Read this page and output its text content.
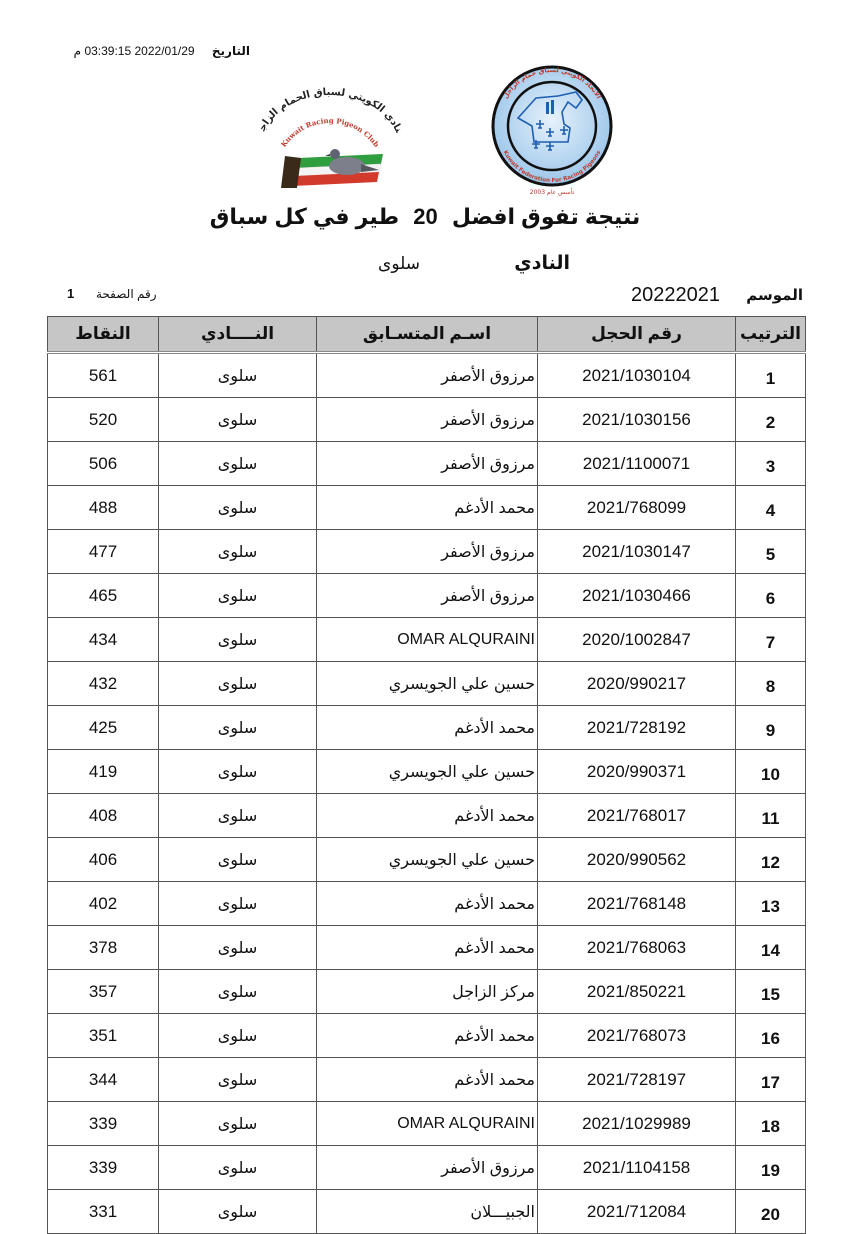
التاريخ 2022/01/29 03:39:15 م
نادي الكويتي لسباق الحمام الزاج
Kuwait Racing Pigeon Club
الاتحاد الكويتي لسباق حمام الزاجل
Kuwait Federation For Racing Pigeons
تأسس عام 2003
نتيجة تفوق افضل 20 طير في كل سباق
النادي
سلوى
الموسم
20222021
رقم الصفحة
1
الترتيب	رقم الحجل	اسـم المتسـابق	النــــادي	النقاط
1	2021/1030104	مرزوق الأصفر	سلوى	561
2	2021/1030156	مرزوق الأصفر	سلوى	520
3	2021/1100071	مرزوق الأصفر	سلوى	506
4	2021/768099	محمد الأدغم	سلوى	488
5	2021/1030147	مرزوق الأصفر	سلوى	477
6	2021/1030466	مرزوق الأصفر	سلوى	465
7	2020/1002847	OMAR ALQURAINI	سلوى	434
8	2020/990217	حسين علي الجويسري	سلوى	432
9	2021/728192	محمد الأدغم	سلوى	425
10	2020/990371	حسين علي الجويسري	سلوى	419
11	2021/768017	محمد الأدغم	سلوى	408
12	2020/990562	حسين علي الجويسري	سلوى	406
13	2021/768148	محمد الأدغم	سلوى	402
14	2021/768063	محمد الأدغم	سلوى	378
15	2021/850221	مركز الزاجل	سلوى	357
16	2021/768073	محمد الأدغم	سلوى	351
17	2021/728197	محمد الأدغم	سلوى	344
18	2021/1029989	OMAR ALQURAINI	سلوى	339
19	2021/1104158	مرزوق الأصفر	سلوى	339
20	2021/712084	الجبيـــلان	سلوى	331
